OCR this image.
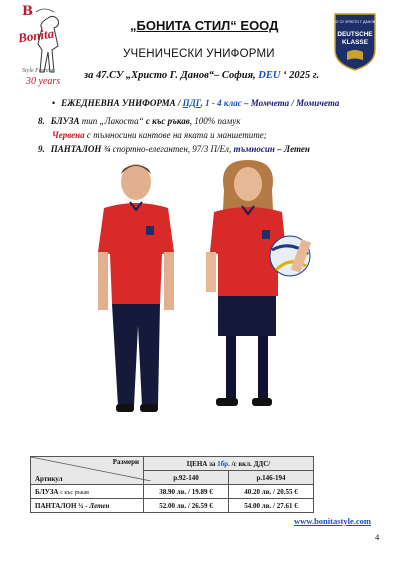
B
Bonita
Style Fashion
30 years
47 СУ ХРИСТО Г. ДАНОВ
DEUTSCHE
KLASSE
„БОНИТА СТИЛ“ ЕООД
УЧЕНИЧЕСКИ УНИФОРМИ
за 47.СУ „Христо Г. Данов“– София, DEU ‘ 2025 г.
• ЕЖЕДНЕВНА УНИФОРМА / ПДГ, 1 - 4 клас – Момчета / Момичета
8. БЛУЗА тип „Лакоста“ с къс ръкав, 100% памук
Червена с тъмносини кантове на яката и маншетите;
9. ПАНТАЛОН ¾ спортно-елегантен, 97/3 П/Ел, тъмносин – Летен
Размери
Артикул	ЦЕНА за 1бр. /с вкл. ДДС/	
	р.92-140	р.146-194
БЛУЗА с къс ръкав	38.90 лв. / 19.89 €	40.20 лв. / 20.55 €
ПАНТАЛОН ¾ - Летен	52.00 лв. / 26.59 €	54.00 лв. / 27.61 €
www.bonitastyle.com
4
